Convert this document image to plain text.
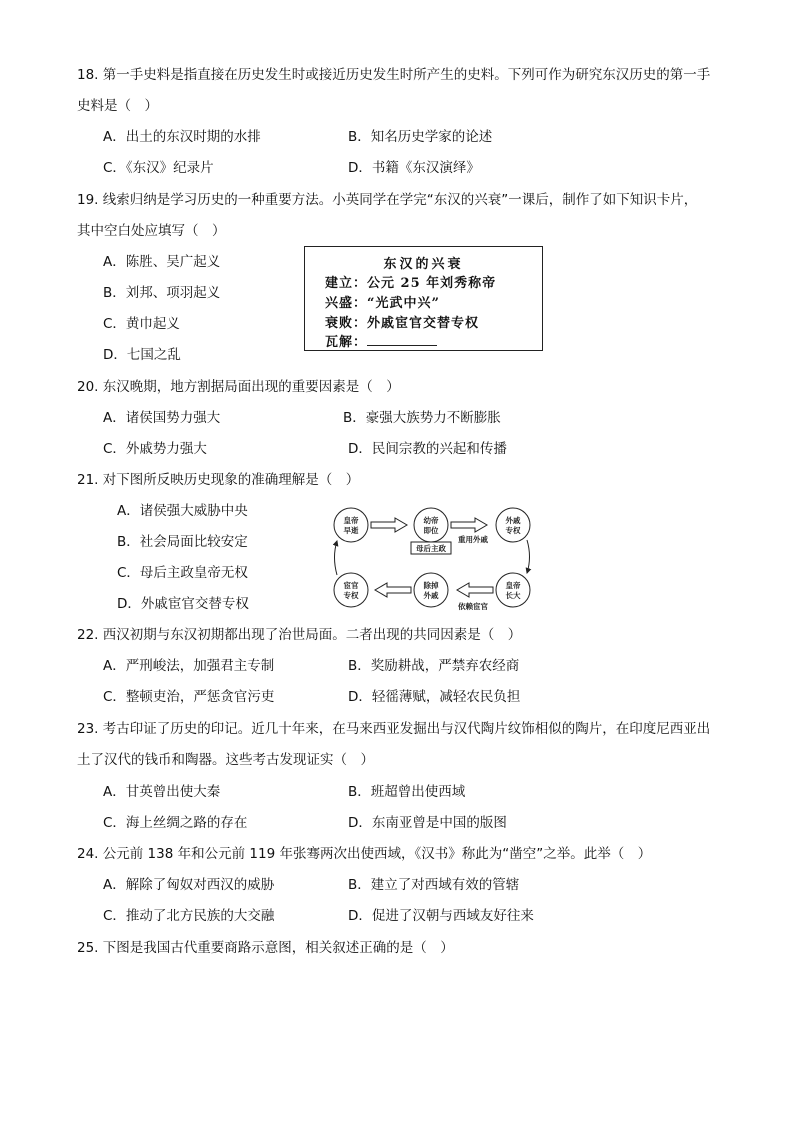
18. 第一手史料是指直接在历史发生时或接近历史发生时所产生的史料。下列可作为研究东汉历史的第一手
史料是（　）
A．出土的东汉时期的水排	B．知名历史学家的论述
C．《东汉》纪录片	D．书籍《东汉演绎》
19. 线索归纳是学习历史的一种重要方法。小英同学在学完“东汉的兴衰”一课后，制作了如下知识卡片，
其中空白处应填写（　）
A．陈胜、吴广起义
B．刘邦、项羽起义
C．黄巾起义
D．七国之乱
东汉的兴衰
建立：公元 25 年刘秀称帝
兴盛：“光武中兴”
衰败：外戚宦官交替专权
瓦解：
20. 东汉晚期，地方割据局面出现的重要因素是（　）
A．诸侯国势力强大	B．豪强大族势力不断膨胀
C．外戚势力强大	D．民间宗教的兴起和传播
21. 对下图所反映历史现象的准确理解是（　）
A．诸侯强大威胁中央
B．社会局面比较安定
C．母后主政皇帝无权
D．外戚宦官交替专权
皇帝
早逝
幼帝
即位
外戚
专权
皇帝
长大
除掉
外戚
宦官
专权
母后主政
重用外戚
依赖宦官
22. 西汉初期与东汉初期都出现了治世局面。二者出现的共同因素是（　）
A．严刑峻法，加强君主专制	B．奖励耕战，严禁弃农经商
C．整顿吏治，严惩贪官污吏	D．轻徭薄赋，减轻农民负担
23. 考古印证了历史的印记。近几十年来，在马来西亚发掘出与汉代陶片纹饰相似的陶片，在印度尼西亚出
土了汉代的钱币和陶器。这些考古发现证实（　）
A．甘英曾出使大秦	B．班超曾出使西域
C．海上丝绸之路的存在	D．东南亚曾是中国的版图
24. 公元前 138 年和公元前 119 年张骞两次出使西域，《汉书》称此为“凿空”之举。此举（　）
A．解除了匈奴对西汉的威胁	B．建立了对西域有效的管辖
C．推动了北方民族的大交融	D．促进了汉朝与西域友好往来
25. 下图是我国古代重要商路示意图，相关叙述正确的是（　）
